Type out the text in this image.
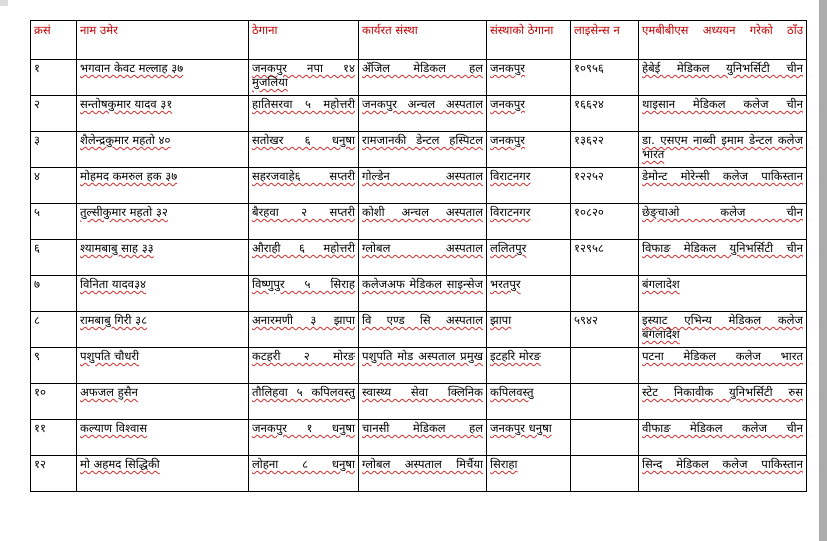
क्रसं	नाम उमेर	ठेगाना	कार्यरत संस्था	संस्थाको ठेगाना	लाइसेन्स न	एमबीबीएस अध्ययन गरेको ठाँउ
१	भगवान केवट मल्लाह ३७	जनकपुर नपा १४ मुजलिया	अँजिल मेडिकल हल	जनकपुर	१०९५६	हेबेई मेडिकल युनिभर्सिटी चीन
२	सन्तोषकुमार यादव ३१	हातिसरवा ५ महोत्तरी	जनकपुर अन्चल अस्पताल	जनकपुर	१६६२४	थाइसान मेडिकल कलेज चीन
३	शैलेन्द्रकुमार महतो ४०	सतोखर ६ धनुषा	रामजानकी डेन्टल हस्पिटल	जनकपुर	१३६२२	डा. एसएम नाब्वी इमाम डेन्टल कलेज भारत
४	मोहमद कमरुल हक ३७	सहरजवाहे६ सप्तरी	गोल्डेन अस्पताल	विराटनगर	१२२५२	डेमोन्ट मोरेन्सी कलेज पाकिस्तान
५	तुल्सीकुमार महतो ३२	बैरहवा २ सप्तरी	कोशी अन्चल अस्पताल	विराटनगर	१०८२०	छेङ्चाओ कलेज चीन
६	श्यामबाबु साह ३३	औराही ६ महोत्तरी	ग्लोबल अस्पताल	ललितपुर	१२९५८	विफाङ मेडिकल युनिभर्सिटी चीन
७	विनिता यादव३४	विष्णुपुर ५ सिराह	कलेजअफ मेडिकल साइन्सेज	भरतपुर		बंगलादेश
८	रामबाबु गिरी ३८	अनारमणी ३ झापा	वि एण्ड सि अस्पताल	झापा	५९४२	इस्याट एभिन्य मेडिकल कलेज बंगलादेश
९	पशुपति चौधरी	कटहरी २ मोरङ	पशुपति मोड अस्पताल प्रमुख	इटहरि मोरङ		पटना मेडिकल कलेज भारत
१०	अफजल हुसैन	तौलिहवा ५ कपिलवस्तु	स्वास्थ्य सेवा क्लिनिक	कपिलवस्तु		स्टेट निकावीक युनिभर्सिटी रुस
११	कल्याण विश्वास	जनकपुर १ धनुषा	चानसी मेडिकल हल	जनकपुर धनुषा		वीफाङ मेडिकल कलेज चीन
१२	मो अहमद सिद्धिकी	लोहना ८ धनुषा	ग्लोबल अस्पताल मिर्चैया	सिराहा		सिन्द मेडिकल कलेज पाकिस्तान
